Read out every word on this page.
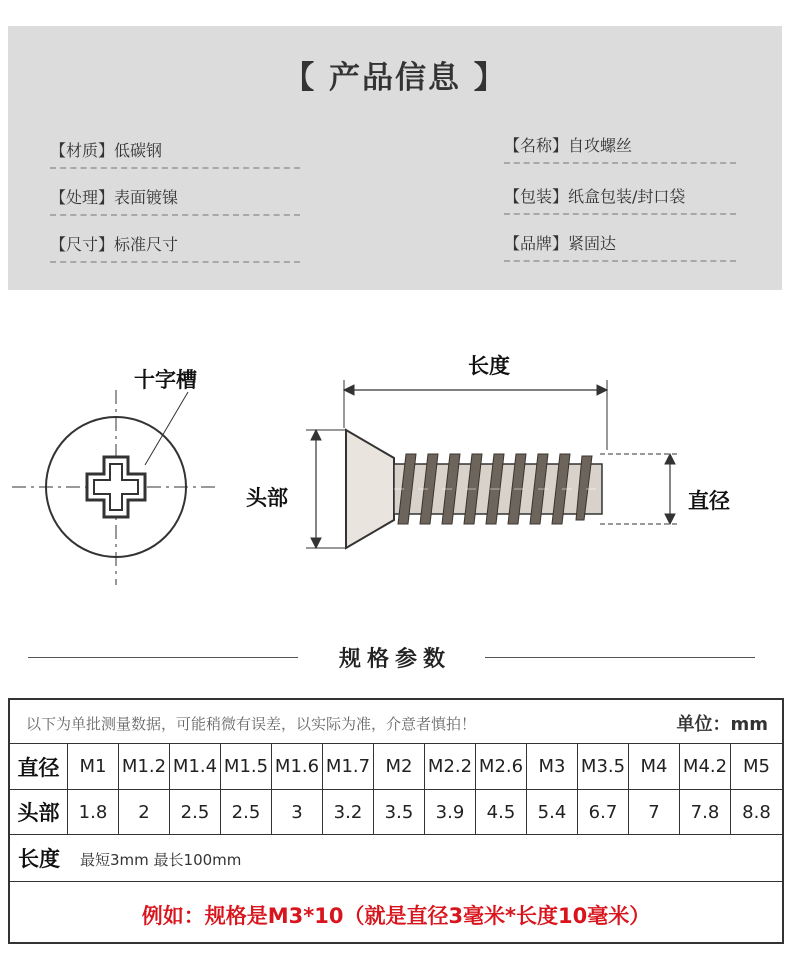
【 产品信息 】
【材质】低碳钢
【处理】表面镀镍
【尺寸】标准尺寸
【名称】自攻螺丝
【包装】纸盒包装/封口袋
【品牌】紧固达
十字槽
长度
头部	直径
规格参数
以下为单批测量数据，可能稍微有误差，以实际为准，介意者慎拍！	单位：mm
直径	M1 M1.2 M1.4 M1.5 M1.6 M1.7 M2 M2.2 M2.6 M3 M3.5 M4 M4.2 M5
头部	1.8	2	2.5	2.5	3	3.2	3.5	3.9	4.5	5.4	6.7	7	7.8	8.8
长度	最短3mm 最长100mm
例如：规格是M3*10（就是直径3毫米*长度10毫米）
